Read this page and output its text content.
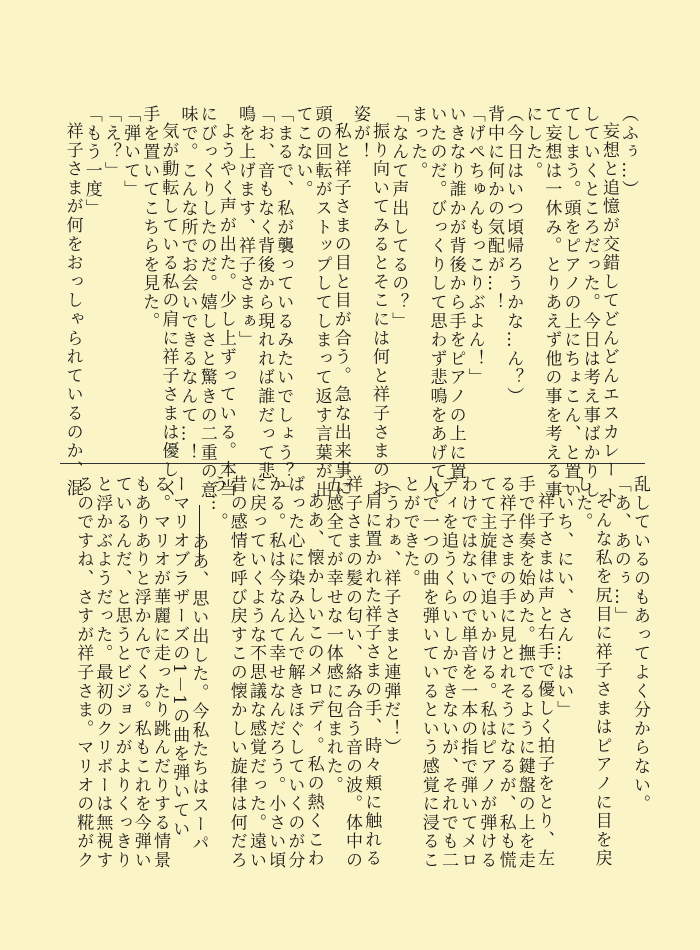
（ふぅ…）
妄想と追憶が交錯してどんどんエスカレー ト
していくところだった。今日は考え事ばかりし
てしまう。頭をピアノの上にちょこん、と置い
て妄想は一休み。とりあえず他の事を考える事
にした。
（今日はいつ頃帰ろうかな…ん？）
背中に何かの気配が…！
「げぺちゅんもっこりぶよん！」
いきなり誰かが背後から手をピアノの上に置
いたのだ。びっくりして思わず悲鳴をあげてし
まった。
「なんて声出してるの？」
振り向いてみるとそこには何と祥子さまのお
姿が！
私と祥子さまの目と目が合う。急な出来事に
頭の回転がストップしてしまって返す言葉が出
てこない。
「まるで、私が襲っているみたいでしょう？」
「お、音もなく背後から現れれば誰だって悲
鳴を上げます、祥子さまぁ」
ようやく声が出た。少し上ずっている。本当
にびっくりしたのだ。嬉しさと驚きの二重の意
味で。こんな所でお会いできるなんて…！
気が動転している私の肩に祥子さまは優しく
手を置いてこちらを見た。
「弾いて」
「え？」
「もう一度」
祥子さまが何をおっしゃられているのか、混
乱しているのもあってよく分からない。
「あ、あのぅ…」
そんな私を尻目に祥子さまはピアノに目を戻
した。
「いち、にい、さん…はい」
祥子さまは声と右手で優しく拍子をとり、左
手で伴奏を始めた。撫でるように鍵盤の上を走
る祥子さまの手に見とれそうになるが、私も慌
てて主旋律で追いかける。私はピアノが弾ける
わけではないので単音を一本の指で弾いてメロ
ディを追うくらいしかできないが、それでも二
人で一つの曲を弾いているという感覚に浸るこ
とができた。
（うわぁ、祥子さまと連弾だ！）
肩に置かれた祥子さまの手、時々頬に触れる
祥子さまの髪の匂い、絡み合う音の波。体中の
五感全てが幸せな一体感に包まれた。
ああ、懐かしいこのメロディ。私の熱くこわ
ばった心に染み込んで解きほぐしていくのが分
かる。私は今なんて幸せなんだろう。小さい頃
に戻っていくような不思議な感覚だった。遠い
昔の感情を呼び戻すこの懐かしい旋律は何だろ
う…。
ああ、思い出した。今私たちはスーパ
ーマリオブラザーズの1－1の曲を弾いてい
る。マリオが華麗に走ったり跳んだりする情景
もありありと浮かんでくる。私もこれを今弾い
ているんだ、と思うとビジョンがよりくっきり
と浮かぶようだった。最初のクリボーは無視す
るのですね、さすが祥子さま。マリオの糀がク
